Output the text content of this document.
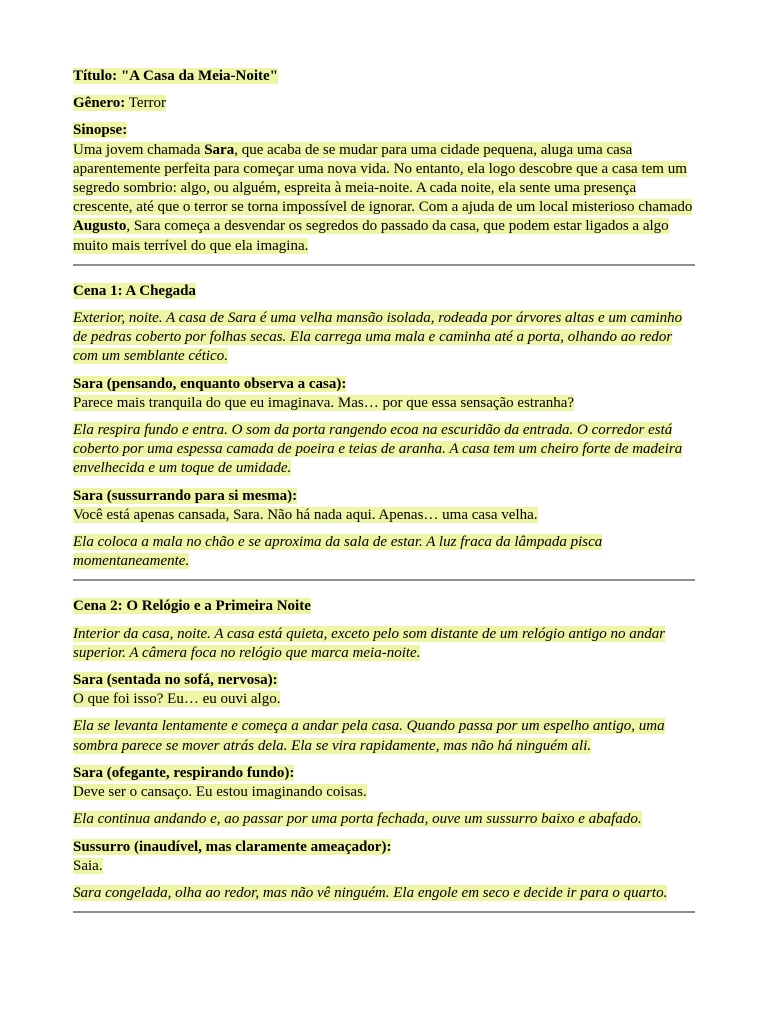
Título: "A Casa da Meia-Noite"

Gênero: Terror

Sinopse:

Uma jovem chamada Sara, que acaba de se mudar para uma cidade pequena, aluga uma casa aparentemente perfeita para começar uma nova vida. No entanto, ela logo descobre que a casa tem um segredo sombrio: algo, ou alguém, espreita à meia-noite. A cada noite, ela sente uma presença crescente, até que o terror se torna impossível de ignorar. Com a ajuda de um local misterioso chamado Augusto, Sara começa a desvendar os segredos do passado da casa, que podem estar ligados a algo muito mais terrível do que ela imagina.

Cena 1: A Chegada

Exterior, noite. A casa de Sara é uma velha mansão isolada, rodeada por árvores altas e um caminho de pedras coberto por folhas secas. Ela carrega uma mala e caminha até a porta, olhando ao redor com um semblante cético.

Sara (pensando, enquanto observa a casa):

Parece mais tranquila do que eu imaginava. Mas… por que essa sensação estranha?

Ela respira fundo e entra. O som da porta rangendo ecoa na escuridão da entrada. O corredor está coberto por uma espessa camada de poeira e teias de aranha. A casa tem um cheiro forte de madeira envelhecida e um toque de umidade.

Sara (sussurrando para si mesma):

Você está apenas cansada, Sara. Não há nada aqui. Apenas… uma casa velha.

Ela coloca a mala no chão e se aproxima da sala de estar. A luz fraca da lâmpada pisca momentaneamente.

Cena 2: O Relógio e a Primeira Noite

Interior da casa, noite. A casa está quieta, exceto pelo som distante de um relógio antigo no andar superior. A câmera foca no relógio que marca meia-noite.

Sara (sentada no sofá, nervosa):

O que foi isso? Eu… eu ouvi algo.

Ela se levanta lentamente e começa a andar pela casa. Quando passa por um espelho antigo, uma sombra parece se mover atrás dela. Ela se vira rapidamente, mas não há ninguém ali.

Sara (ofegante, respirando fundo):

Deve ser o cansaço. Eu estou imaginando coisas.

Ela continua andando e, ao passar por uma porta fechada, ouve um sussurro baixo e abafado.

Sussurro (inaudível, mas claramente ameaçador):

Saia.

Sara congelada, olha ao redor, mas não vê ninguém. Ela engole em seco e decide ir para o quarto.
